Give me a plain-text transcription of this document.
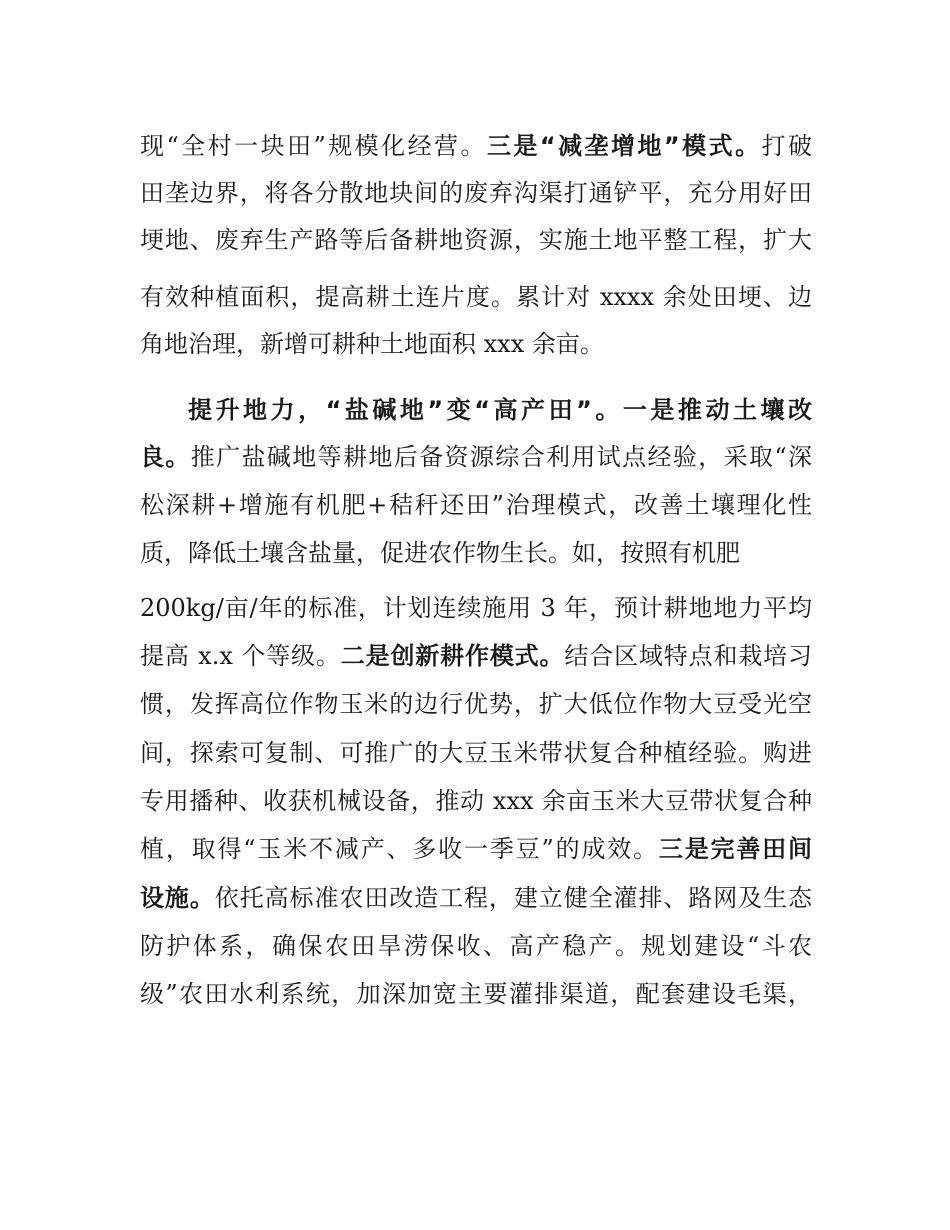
现“全村一块田”规模化经营。三是“减垄增地”模式。打破
田垄边界，将各分散地块间的废弃沟渠打通铲平，充分用好田
埂地、废弃生产路等后备耕地资源，实施土地平整工程，扩大
有效种植面积，提高耕土连片度。累计对 xxxx 余处田埂、边
角地治理，新增可耕种土地面积 xxx 余亩。
提升地力，“盐碱地”变“高产田”。一是推动土壤改
良。推广盐碱地等耕地后备资源综合利用试点经验，采取“深
松深耕+增施有机肥+秸秆还田”治理模式，改善土壤理化性
质，降低土壤含盐量，促进农作物生长。如，按照有机肥
200kg/亩/年的标准，计划连续施用 3 年，预计耕地地力平均
提高 x.x 个等级。二是创新耕作模式。结合区域特点和栽培习
惯，发挥高位作物玉米的边行优势，扩大低位作物大豆受光空
间，探索可复制、可推广的大豆玉米带状复合种植经验。购进
专用播种、收获机械设备，推动 xxx 余亩玉米大豆带状复合种
植，取得“玉米不减产、多收一季豆”的成效。三是完善田间
设施。依托高标准农田改造工程，建立健全灌排、路网及生态
防护体系，确保农田旱涝保收、高产稳产。规划建设“斗农
级”农田水利系统，加深加宽主要灌排渠道，配套建设毛渠，
